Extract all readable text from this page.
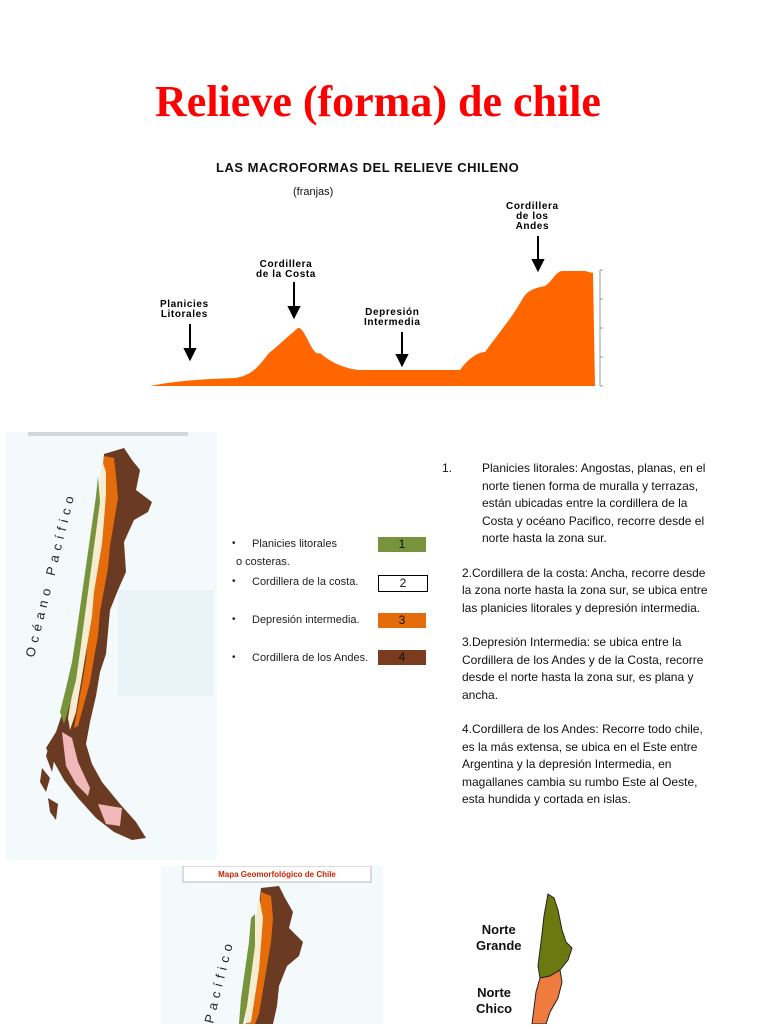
Relieve (forma) de chile
LAS MACROFORMAS DEL RELIEVE CHILENO
(franjas)
Planicies
Litorales
Cordillera
de la Costa
Depresión
Intermedia
Cordillera
de los
Andes
Océano Pacífico	• Planicies litorales	1
o costeras.
• Cordillera de la costa.	2
• Depresión intermedia.	3
• Cordillera de los Andes.	4

1. Planicies litorales: Angostas, planas, en el norte tienen forma de muralla y terrazas, están ubicadas entre la cordillera de la Costa y océano Pacifico, recorre desde el norte hasta la zona sur.

2.Cordillera de la costa: Ancha, recorre desde la zona norte hasta la zona sur, se ubica entre las planicies litorales y depresión intermedia.

3.Depresión Intermedia: se ubica entre la Cordillera de los Andes y de la Costa, recorre desde el norte hasta la zona sur, es plana y ancha.

4.Cordillera de los Andes: Recorre todo chile, es la más extensa, se ubica en el Este entre Argentina y la depresión Intermedia, en magallanes cambia su rumbo Este al Oeste, esta hundida y cortada en islas.

Mapa Geomorfológico de Chile
Pacífico
Norte
Grande
Norte
Chico
